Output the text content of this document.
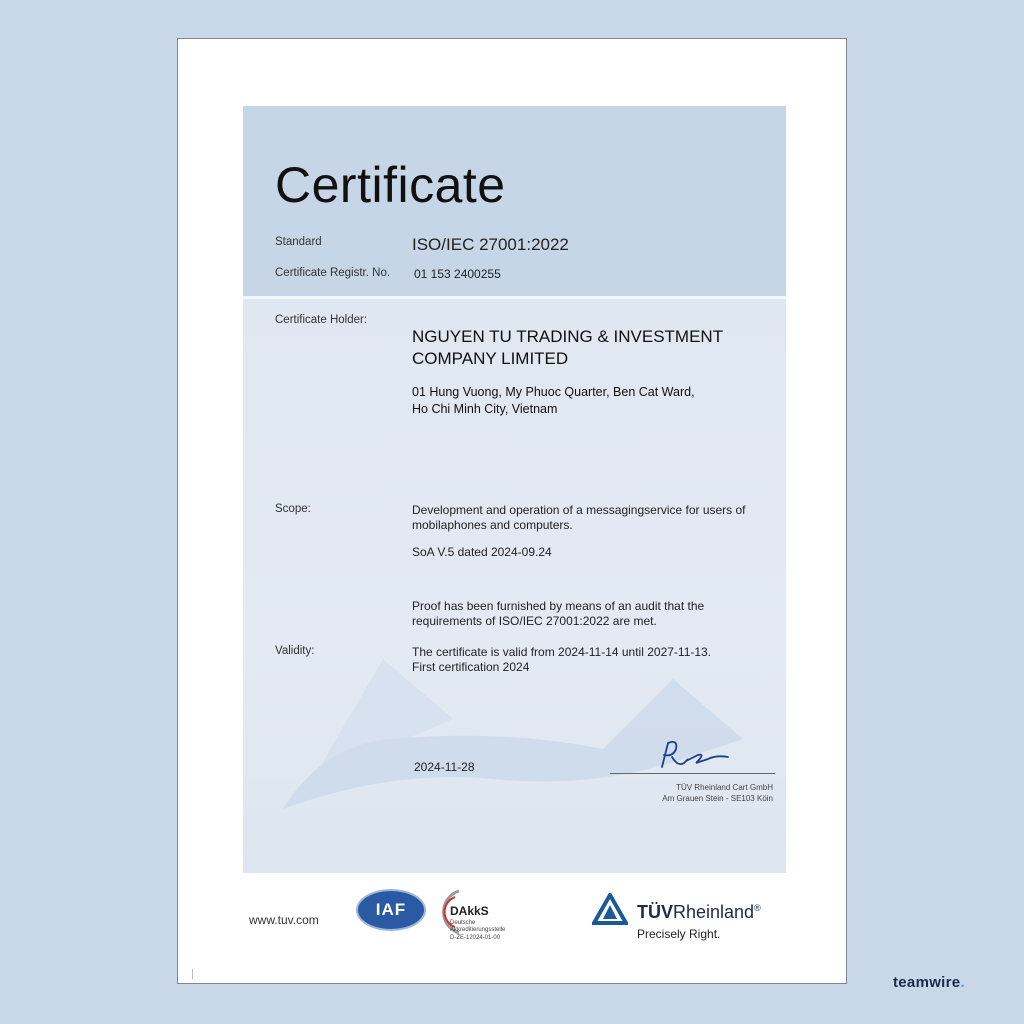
Certificate
Standard	ISO/IEC 27001:2022
Certificate Registr. No. 01 153 2400255
Certificate Holder:
NGUYEN TU TRADING & INVESTMENT
COMPANY LIMITED
01 Hung Vuong, My Phuoc Quarter, Ben Cat Ward,
Ho Chi Minh City, Vietnam
Scope:	Development and operation of a messagingservice for users of
mobilaphones and computers.
SoA V.5 dated 2024-09.24
Proof has been furnished by means of an audit that the
requirements of ISO/IEC 27001:2022 are met.
Validity:	The certificate is valid from 2024-11-14 until 2027-11-13.
First certification 2024
2024-11-28
TÜV Rheinland Cart GmbH
Am Grauen Stein - SE103 Köin
www.tuv.com
IAF	DAkkS
Deutsche
Akkreditierungsstelle
D-ZE-12024-01-00
TÜVRheinland®
Precisely Right.
teamwire.
